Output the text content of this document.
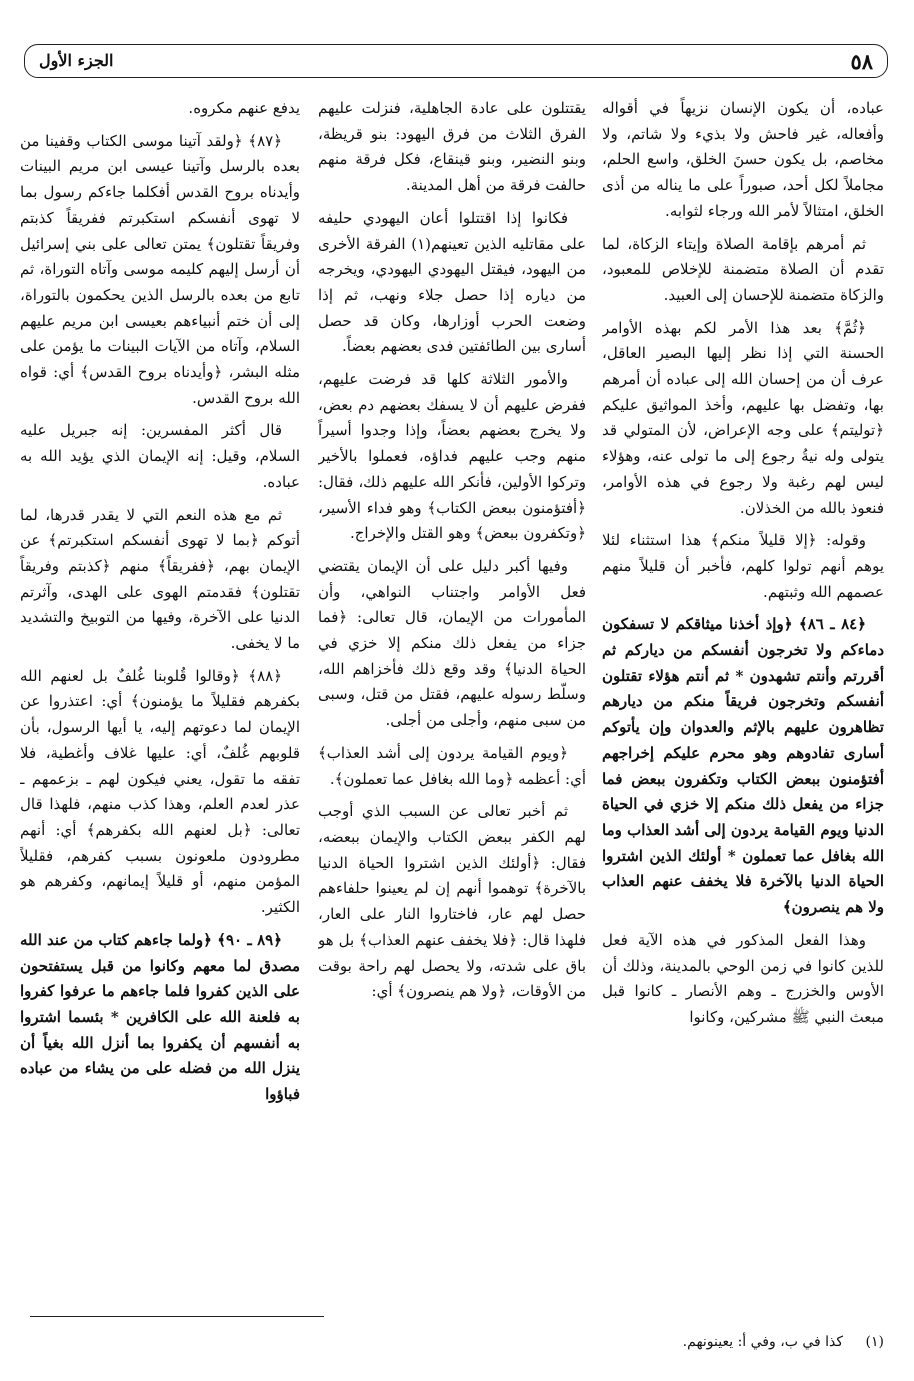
٥٨
الجزء الأول

عباده، أن يكون الإنسان نزيهاً في أقواله وأفعاله، غير فاحش ولا بذيء ولا شاتم، ولا مخاصم، بل يكون حسنَ الخلق، واسع الحلم، مجاملاً لكل أحد، صبوراً على ما يناله من أذى الخلق، امتثالاً لأمر الله ورجاء لثوابه.

ثم أمرهم بإقامة الصلاة وإيتاء الزكاة، لما تقدم أن الصلاة متضمنة للإخلاص للمعبود، والزكاة متضمنة للإحسان إلى العبيد.

﴿ثُمَّ﴾ بعد هذا الأمر لكم بهذه الأوامر الحسنة التي إذا نظر إليها البصير العاقل، عرف أن من إحسان الله إلى عباده أن أمرهم بها، وتفضل بها عليهم، وأخذ المواثيق عليكم ﴿توليتم﴾ على وجه الإعراض، لأن المتولي قد يتولى وله نيةُ رجوع إلى ما تولى عنه، وهؤلاء ليس لهم رغبة ولا رجوع في هذه الأوامر، فنعوذ بالله من الخذلان.

وقوله: ﴿إلا قليلاً منكم﴾ هذا استثناء لئلا يوهم أنهم تولوا كلهم، فأخبر أن قليلاً منهم عصمهم الله وثبتهم.

﴿٨٤ ـ ٨٦﴾ ﴿وإذ أخذنا ميثاقكم لا تسفكون دماءكم ولا تخرجون أنفسكم من دياركم ثم أقررتم وأنتم تشهدون * ثم أنتم هؤلاء تقتلون أنفسكم وتخرجون فريقاً منكم من ديارهم تظاهرون عليهم بالإثم والعدوان وإن يأتوكم أسارى تفادوهم وهو محرم عليكم إخراجهم أفتؤمنون ببعض الكتاب وتكفرون ببعض فما جزاء من يفعل ذلك منكم إلا خزي في الحياة الدنيا ويوم القيامة يردون إلى أشد العذاب وما الله بغافل عما تعملون * أولئك الذين اشتروا الحياة الدنيا بالآخرة فلا يخفف عنهم العذاب ولا هم ينصرون﴾

وهذا الفعل المذكور في هذه الآية فعل للذين كانوا في زمن الوحي بالمدينة، وذلك أن الأوس والخزرج ـ وهم الأنصار ـ كانوا قبل مبعث النبي ﷺ مشركين، وكانوا

يقتتلون على عادة الجاهلية، فنزلت عليهم الفرق الثلاث من فرق اليهود: بنو قريظة، وبنو النضير، وبنو قينقاع، فكل فرقة منهم حالفت فرقة من أهل المدينة.

فكانوا إذا اقتتلوا أعان اليهودي حليفه على مقاتليه الذين تعينهم(١) الفرقة الأخرى من اليهود، فيقتل اليهودي اليهودي، ويخرجه من دياره إذا حصل جلاء ونهب، ثم إذا وضعت الحرب أوزارها، وكان قد حصل أسارى بين الطائفتين فدى بعضهم بعضاً.

والأمور الثلاثة كلها قد فرضت عليهم، ففرض عليهم أن لا يسفك بعضهم دم بعض، ولا يخرج بعضهم بعضاً، وإذا وجدوا أسيراً منهم وجب عليهم فداؤه، فعملوا بالأخير وتركوا الأولين، فأنكر الله عليهم ذلك، فقال: ﴿أفتؤمنون ببعض الكتاب﴾ وهو فداء الأسير، ﴿وتكفرون ببعض﴾ وهو القتل والإخراج.

وفيها أكبر دليل على أن الإيمان يقتضي فعل الأوامر واجتناب النواهي، وأن المأمورات من الإيمان، قال تعالى: ﴿فما جزاء من يفعل ذلك منكم إلا خزي في الحياة الدنيا﴾ وقد وقع ذلك فأخزاهم الله، وسلّط رسوله عليهم، فقتل من قتل، وسبى من سبى منهم، وأجلى من أجلى.

﴿ويوم القيامة يردون إلى أشد العذاب﴾ أي: أعظمه ﴿وما الله بغافل عما تعملون﴾.

ثم أخبر تعالى عن السبب الذي أوجب لهم الكفر ببعض الكتاب والإيمان ببعضه، فقال: ﴿أولئك الذين اشتروا الحياة الدنيا بالآخرة﴾ توهموا أنهم إن لم يعينوا حلفاءهم حصل لهم عار، فاختاروا النار على العار، فلهذا قال: ﴿فلا يخفف عنهم العذاب﴾ بل هو باق على شدته، ولا يحصل لهم راحة بوقت من الأوقات، ﴿ولا هم ينصرون﴾ أي:

يدفع عنهم مكروه.

﴿٨٧﴾ ﴿ولقد آتينا موسى الكتاب وقفينا من بعده بالرسل وآتينا عيسى ابن مريم البينات وأيدناه بروح القدس أفكلما جاءكم رسول بما لا تهوى أنفسكم استكبرتم ففريقاً كذبتم وفريقاً تقتلون﴾ يمتن تعالى على بني إسرائيل أن أرسل إليهم كليمه موسى وآتاه التوراة، ثم تابع من بعده بالرسل الذين يحكمون بالتوراة، إلى أن ختم أنبياءهم بعيسى ابن مريم عليهم السلام، وآتاه من الآيات البينات ما يؤمن على مثله البشر، ﴿وأيدناه بروح القدس﴾ أي: قواه الله بروح القدس.

قال أكثر المفسرين: إنه جبريل عليه السلام، وقيل: إنه الإيمان الذي يؤيد الله به عباده.

ثم مع هذه النعم التي لا يقدر قدرها، لما أتوكم ﴿بما لا تهوى أنفسكم استكبرتم﴾ عن الإيمان بهم، ﴿ففريقاً﴾ منهم ﴿كذبتم وفريقاً تقتلون﴾ فقدمتم الهوى على الهدى، وآثرتم الدنيا على الآخرة، وفيها من التوبيخ والتشديد ما لا يخفى.

﴿٨٨﴾ ﴿وقالوا قُلوبنا غُلفٌ بل لعنهم الله بكفرهم فقليلاً ما يؤمنون﴾ أي: اعتذروا عن الإيمان لما دعوتهم إليه، يا أيها الرسول، بأن قلوبهم غُلفٌ، أي: عليها غلاف وأغطية، فلا تفقه ما تقول، يعني فيكون لهم ـ بزعمهم ـ عذر لعدم العلم، وهذا كذب منهم، فلهذا قال تعالى: ﴿بل لعنهم الله بكفرهم﴾ أي: أنهم مطرودون ملعونون بسبب كفرهم، فقليلاً المؤمن منهم، أو قليلاً إيمانهم، وكفرهم هو الكثير.

﴿٨٩ ـ ٩٠﴾ ﴿ولما جاءهم كتاب من عند الله مصدق لما معهم وكانوا من قبل يستفتحون على الذين كفروا فلما جاءهم ما عرفوا كفروا به فلعنة الله على الكافرين * بئسما اشتروا به أنفسهم أن يكفروا بما أنزل الله بغياً أن ينزل الله من فضله على من يشاء من عباده فباؤوا

(١) كذا في ب، وفي أ: يعينونهم.
